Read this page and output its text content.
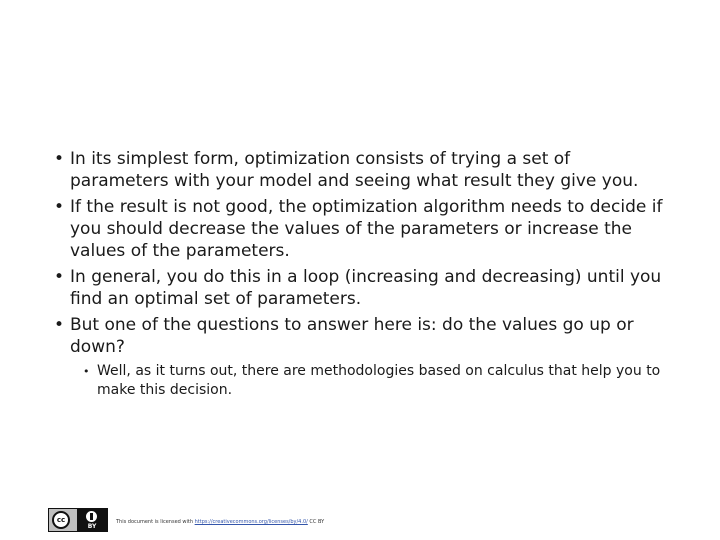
• In its simplest form, optimization consists of trying a set of parameters with your model and seeing what result they give you.
• If the result is not good, the optimization algorithm needs to decide if you should decrease the values of the parameters or increase the values of the parameters.
• In general, you do this in a loop (increasing and decreasing) until you find an optimal set of parameters.
• But one of the questions to answer here is: do the values go up or down?
• Well, as it turns out, there are methodologies based on calculus that help you to make this decision.
cc
BY
This document is licensed with https://creativecommons.org/licenses/by/4.0/ CC BY
